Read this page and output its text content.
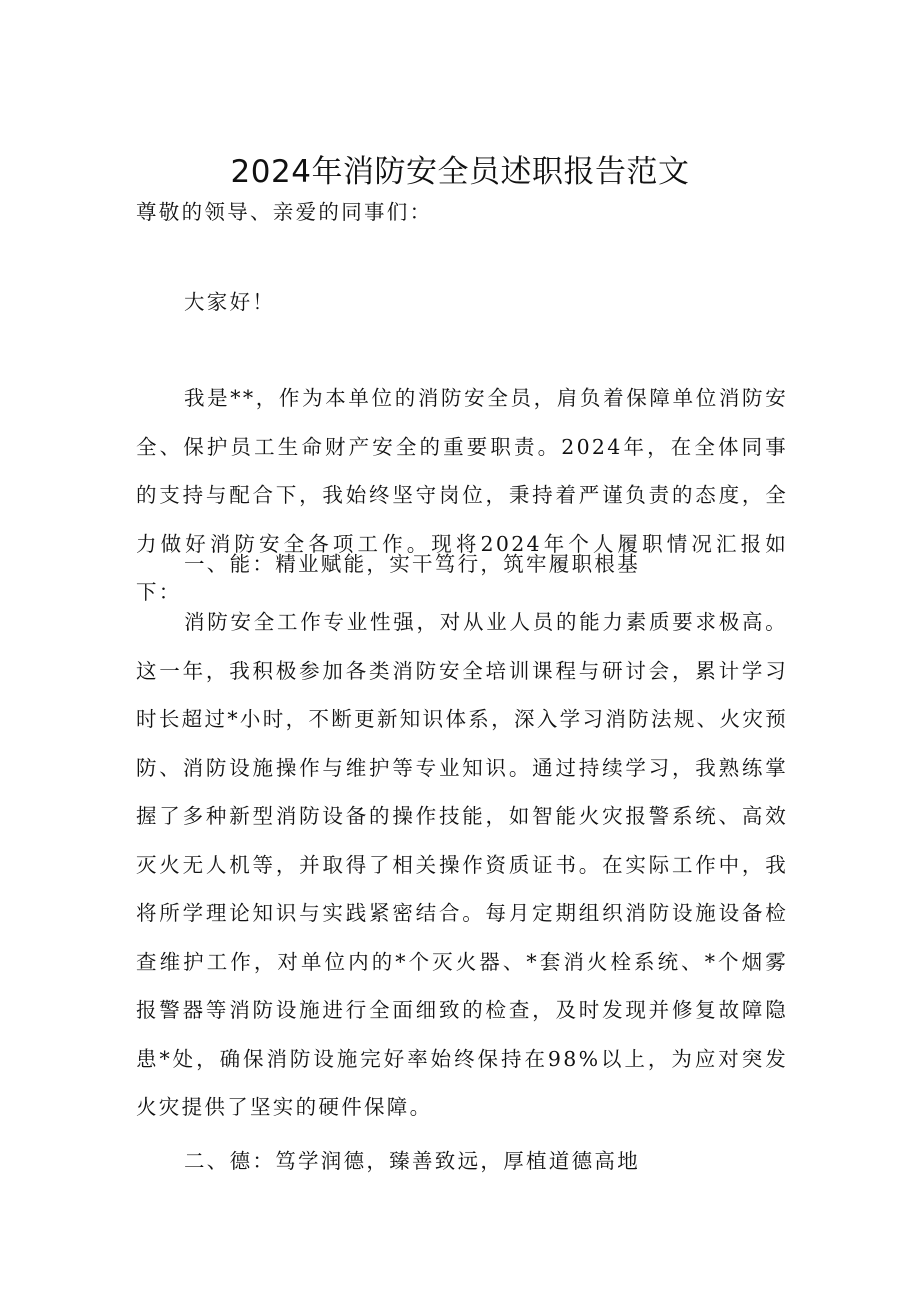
2024年消防安全员述职报告范文

尊敬的领导、亲爱的同事们：

大家好！

我是**，作为本单位的消防安全员，肩负着保障单位消防安全、保护员工生命财产安全的重要职责。2024年，在全体同事的支持与配合下，我始终坚守岗位，秉持着严谨负责的态度，全力做好消防安全各项工作。现将2024年个人履职情况汇报如下：

一、能：精业赋能，实干笃行，筑牢履职根基

消防安全工作专业性强，对从业人员的能力素质要求极高。这一年，我积极参加各类消防安全培训课程与研讨会，累计学习时长超过*小时，不断更新知识体系，深入学习消防法规、火灾预防、消防设施操作与维护等专业知识。通过持续学习，我熟练掌握了多种新型消防设备的操作技能，如智能火灾报警系统、高效灭火无人机等，并取得了相关操作资质证书。在实际工作中，我将所学理论知识与实践紧密结合。每月定期组织消防设施设备检查维护工作，对单位内的*个灭火器、*套消火栓系统、*个烟雾报警器等消防设施进行全面细致的检查，及时发现并修复故障隐患*处，确保消防设施完好率始终保持在98%以上，为应对突发火灾提供了坚实的硬件保障。

二、德：笃学润德，臻善致远，厚植道德高地
